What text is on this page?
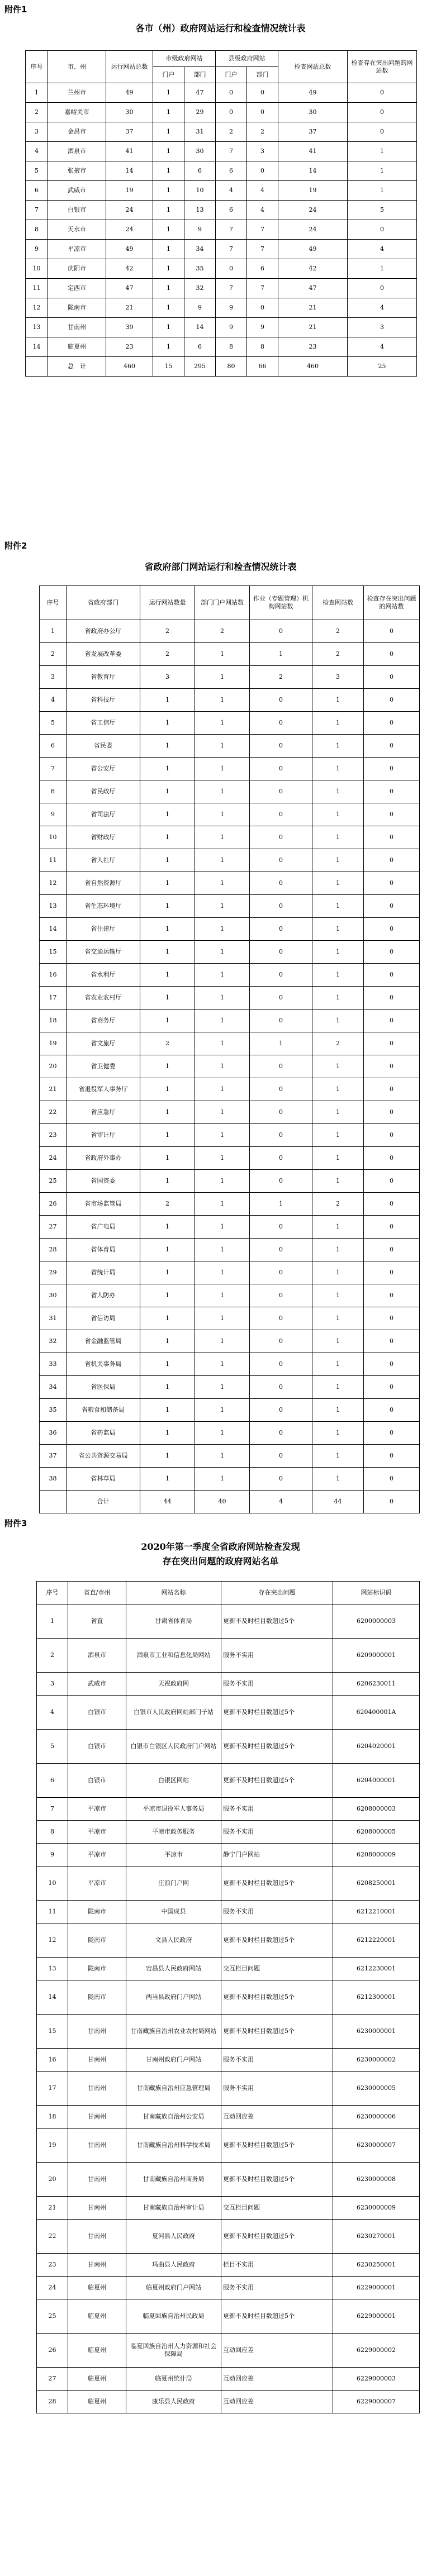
附件1
各市（州）政府网站运行和检查情况统计表
序号	市、州	运行网站总数	市级政府网站		县级政府网站		检查网站总数	检查存在突出问题的网站数
			门户	部门	门户	部门		
1	兰州市	49	1	47	0	0	49	0
2	嘉峪关市	30	1	29	0	0	30	0
3	金昌市	37	1	31	2	2	37	0
4	酒泉市	41	1	30	7	3	41	1
5	张掖市	14	1	6	6	0	14	1
6	武威市	19	1	10	4	4	19	1
7	白银市	24	1	13	6	4	24	5
8	天水市	24	1	9	7	7	24	0
9	平凉市	49	1	34	7	7	49	4
10	庆阳市	42	1	35	0	6	42	1
11	定西市	47	1	32	7	7	47	0
12	陇南市	21	1	9	9	0	21	4
13	甘南州	39	1	14	9	9	21	3
14	临夏州	23	1	6	8	8	23	4
	总　计	460	15	295	80	66	460	25
附件2
省政府部门网站运行和检查情况统计表
序号	省政府部门	运行网站数量	部门门户网站数	作业（专题管理）机构网站数	检查网站数	检查存在突出问题的网站数
1	省政府办公厅	2	2	0	2	0
2	省发展改革委	2	1	1	2	0
3	省教育厅	3	1	2	3	0
4	省科技厅	1	1	0	1	0
5	省工信厅	1	1	0	1	0
6	省民委	1	1	0	1	0
7	省公安厅	1	1	0	1	0
8	省民政厅	1	1	0	1	0
9	省司法厅	1	1	0	1	0
10	省财政厅	1	1	0	1	0
11	省人社厅	1	1	0	1	0
12	省自然资源厅	1	1	0	1	0
13	省生态环境厅	1	1	0	1	0
14	省住建厅	1	1	0	1	0
15	省交通运输厅	1	1	0	1	0
16	省水利厅	1	1	0	1	0
17	省农业农村厅	1	1	0	1	0
18	省商务厅	1	1	0	1	0
19	省文旅厅	2	1	1	2	0
20	省卫健委	1	1	0	1	0
21	省退役军人事务厅	1	1	0	1	0
22	省应急厅	1	1	0	1	0
23	省审计厅	1	1	0	1	0
24	省政府外事办	1	1	0	1	0
25	省国资委	1	1	0	1	0
26	省市场监管局	2	1	1	2	0
27	省广电局	1	1	0	1	0
28	省体育局	1	1	0	1	0
29	省统计局	1	1	0	1	0
30	省人防办	1	1	0	1	0
31	省信访局	1	1	0	1	0
32	省金融监管局	1	1	0	1	0
33	省机关事务局	1	1	0	1	0
34	省医保局	1	1	0	1	0
35	省粮食和储备局	1	1	0	1	0
36	省药监局	1	1	0	1	0
37	省公共资源交易局	1	1	0	1	0
38	省林草局	1	1	0	1	0
	合计	44	40	4	44	0
附件3
2020年第一季度全省政府网站检查发现
存在突出问题的政府网站名单
序号	省直/市州	网站名称	存在突出问题	网站标识码
1	省直	甘肃省体育局	更新不及时栏目数超过5个	6200000003
2	酒泉市	酒泉市工业和信息化局网站	服务不实用	6209000001
3	武威市	天祝政府网	服务不实用	6206230011
4	白银市	白银市人民政府网站部门子站	更新不及时栏目数超过5个	620400001A
5	白银市	白银市白银区人民政府门户网站	更新不及时栏目数超过5个	6204020001
6	白银市	白银区网站	更新不及时栏目数超过5个	6204000001
7	平凉市	平凉市退役军人事务局	服务不实用	6208000003
8	平凉市	平凉市政务服务	服务不实用	6208000005
9	平凉市	平凉市	静宁门户网站	6208000009
10	平凉市	庄浪门户网	更新不及时栏目数超过5个	6208250001
11	陇南市	中国成县	服务不实用	6212210001
12	陇南市	文县人民政府	更新不及时栏目数超过5个	6212220001
13	陇南市	宕昌县人民政府网站	交互栏目问题	6212230001
14	陇南市	两当县政府门户网站	更新不及时栏目数超过5个	6212300001
15	甘南州	甘南藏族自治州农业农村局网站	更新不及时栏目数超过5个	6230000001
16	甘南州	甘南州政府门户网站	服务不实用	6230000002
17	甘南州	甘南藏族自治州应急管理局	服务不实用	6230000005
18	甘南州	甘南藏族自治州公安局	互动回应差	6230000006
19	甘南州	甘南藏族自治州科学技术局	更新不及时栏目数超过5个	6230000007
20	甘南州	甘南藏族自治州商务局	更新不及时栏目数超过5个	6230000008
21	甘南州	甘南藏族自治州审计局	交互栏目问题	6230000009
22	甘南州	夏河县人民政府	更新不及时栏目数超过5个	6230270001
23	甘南州	玛曲县人民政府	栏目不实用	6230250001
24	临夏州	临夏州政府门户网站	服务不实用	6229000001
25	临夏州	临夏回族自治州民政局	更新不及时栏目数超过5个	6229000001
26	临夏州	临夏回族自治州人力资源和社会保障局	互动回应差	6229000002
27	临夏州	临夏州统计局	互动回应差	6229000003
28	临夏州	康乐县人民政府	互动回应差	6229000007
